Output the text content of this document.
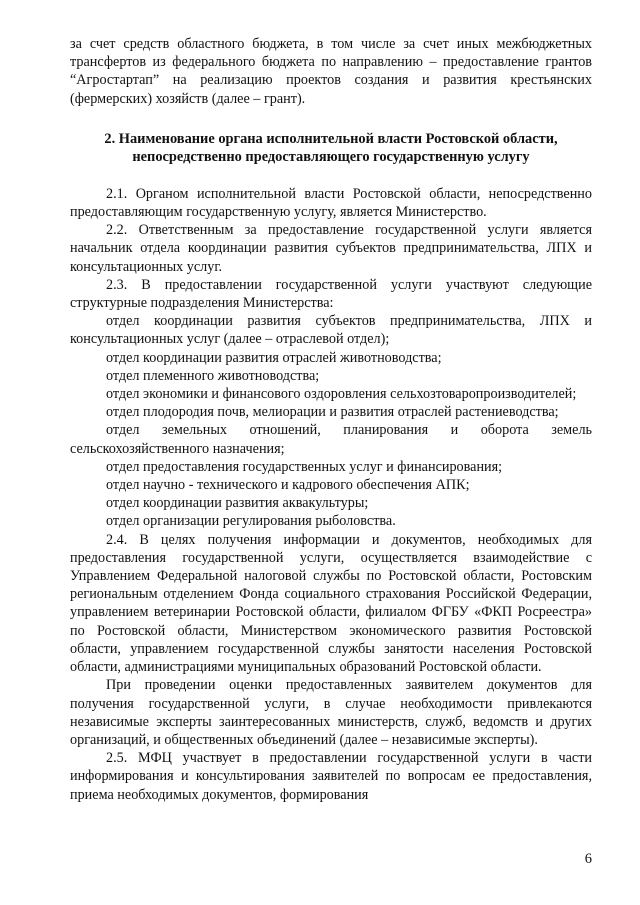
за счет средств областного бюджета, в том числе за счет иных межбюджетных трансфертов из федерального бюджета по направлению – предоставление грантов “Агростартап” на реализацию проектов создания и развития крестьянских (фермерских) хозяйств (далее – грант).

2. Наименование органа исполнительной власти Ростовской области,

непосредственно предоставляющего государственную услугу

2.1. Органом исполнительной власти Ростовской области, непосредственно предоставляющим государственную услугу, является Министерство.

2.2. Ответственным за предоставление государственной услуги является начальник отдела координации развития субъектов предпринимательства, ЛПХ и консультационных услуг.

2.3. В предоставлении государственной услуги участвуют следующие структурные подразделения Министерства:

отдел координации развития субъектов предпринимательства, ЛПХ и консультационных услуг (далее – отраслевой отдел);

отдел координации развития отраслей животноводства;

отдел племенного животноводства;

отдел экономики и финансового оздоровления сельхозтоваропроизводителей;

отдел плодородия почв, мелиорации и развития отраслей растениеводства;

отдел земельных отношений, планирования и оборота земель сельскохозяйственного назначения;

отдел предоставления государственных услуг и финансирования;

отдел научно - технического и кадрового обеспечения АПК;

отдел координации развития аквакультуры;

отдел организации регулирования рыболовства.

2.4. В целях получения информации и документов, необходимых для предоставления государственной услуги, осуществляется взаимодействие с Управлением Федеральной налоговой службы по Ростовской области, Ростовским региональным отделением Фонда социального страхования Российской Федерации, управлением ветеринарии Ростовской области, филиалом ФГБУ «ФКП Росреестра» по Ростовской области, Министерством экономического развития Ростовской области, управлением государственной службы занятости населения Ростовской области, администрациями муниципальных образований Ростовской области.

При проведении оценки предоставленных заявителем документов для получения государственной услуги, в случае необходимости привлекаются независимые эксперты заинтересованных министерств, служб, ведомств и других организаций, и общественных объединений (далее – независимые эксперты).

2.5. МФЦ участвует в предоставлении государственной услуги в части информирования и консультирования заявителей по вопросам ее предоставления, приема необходимых документов, формирования

6
